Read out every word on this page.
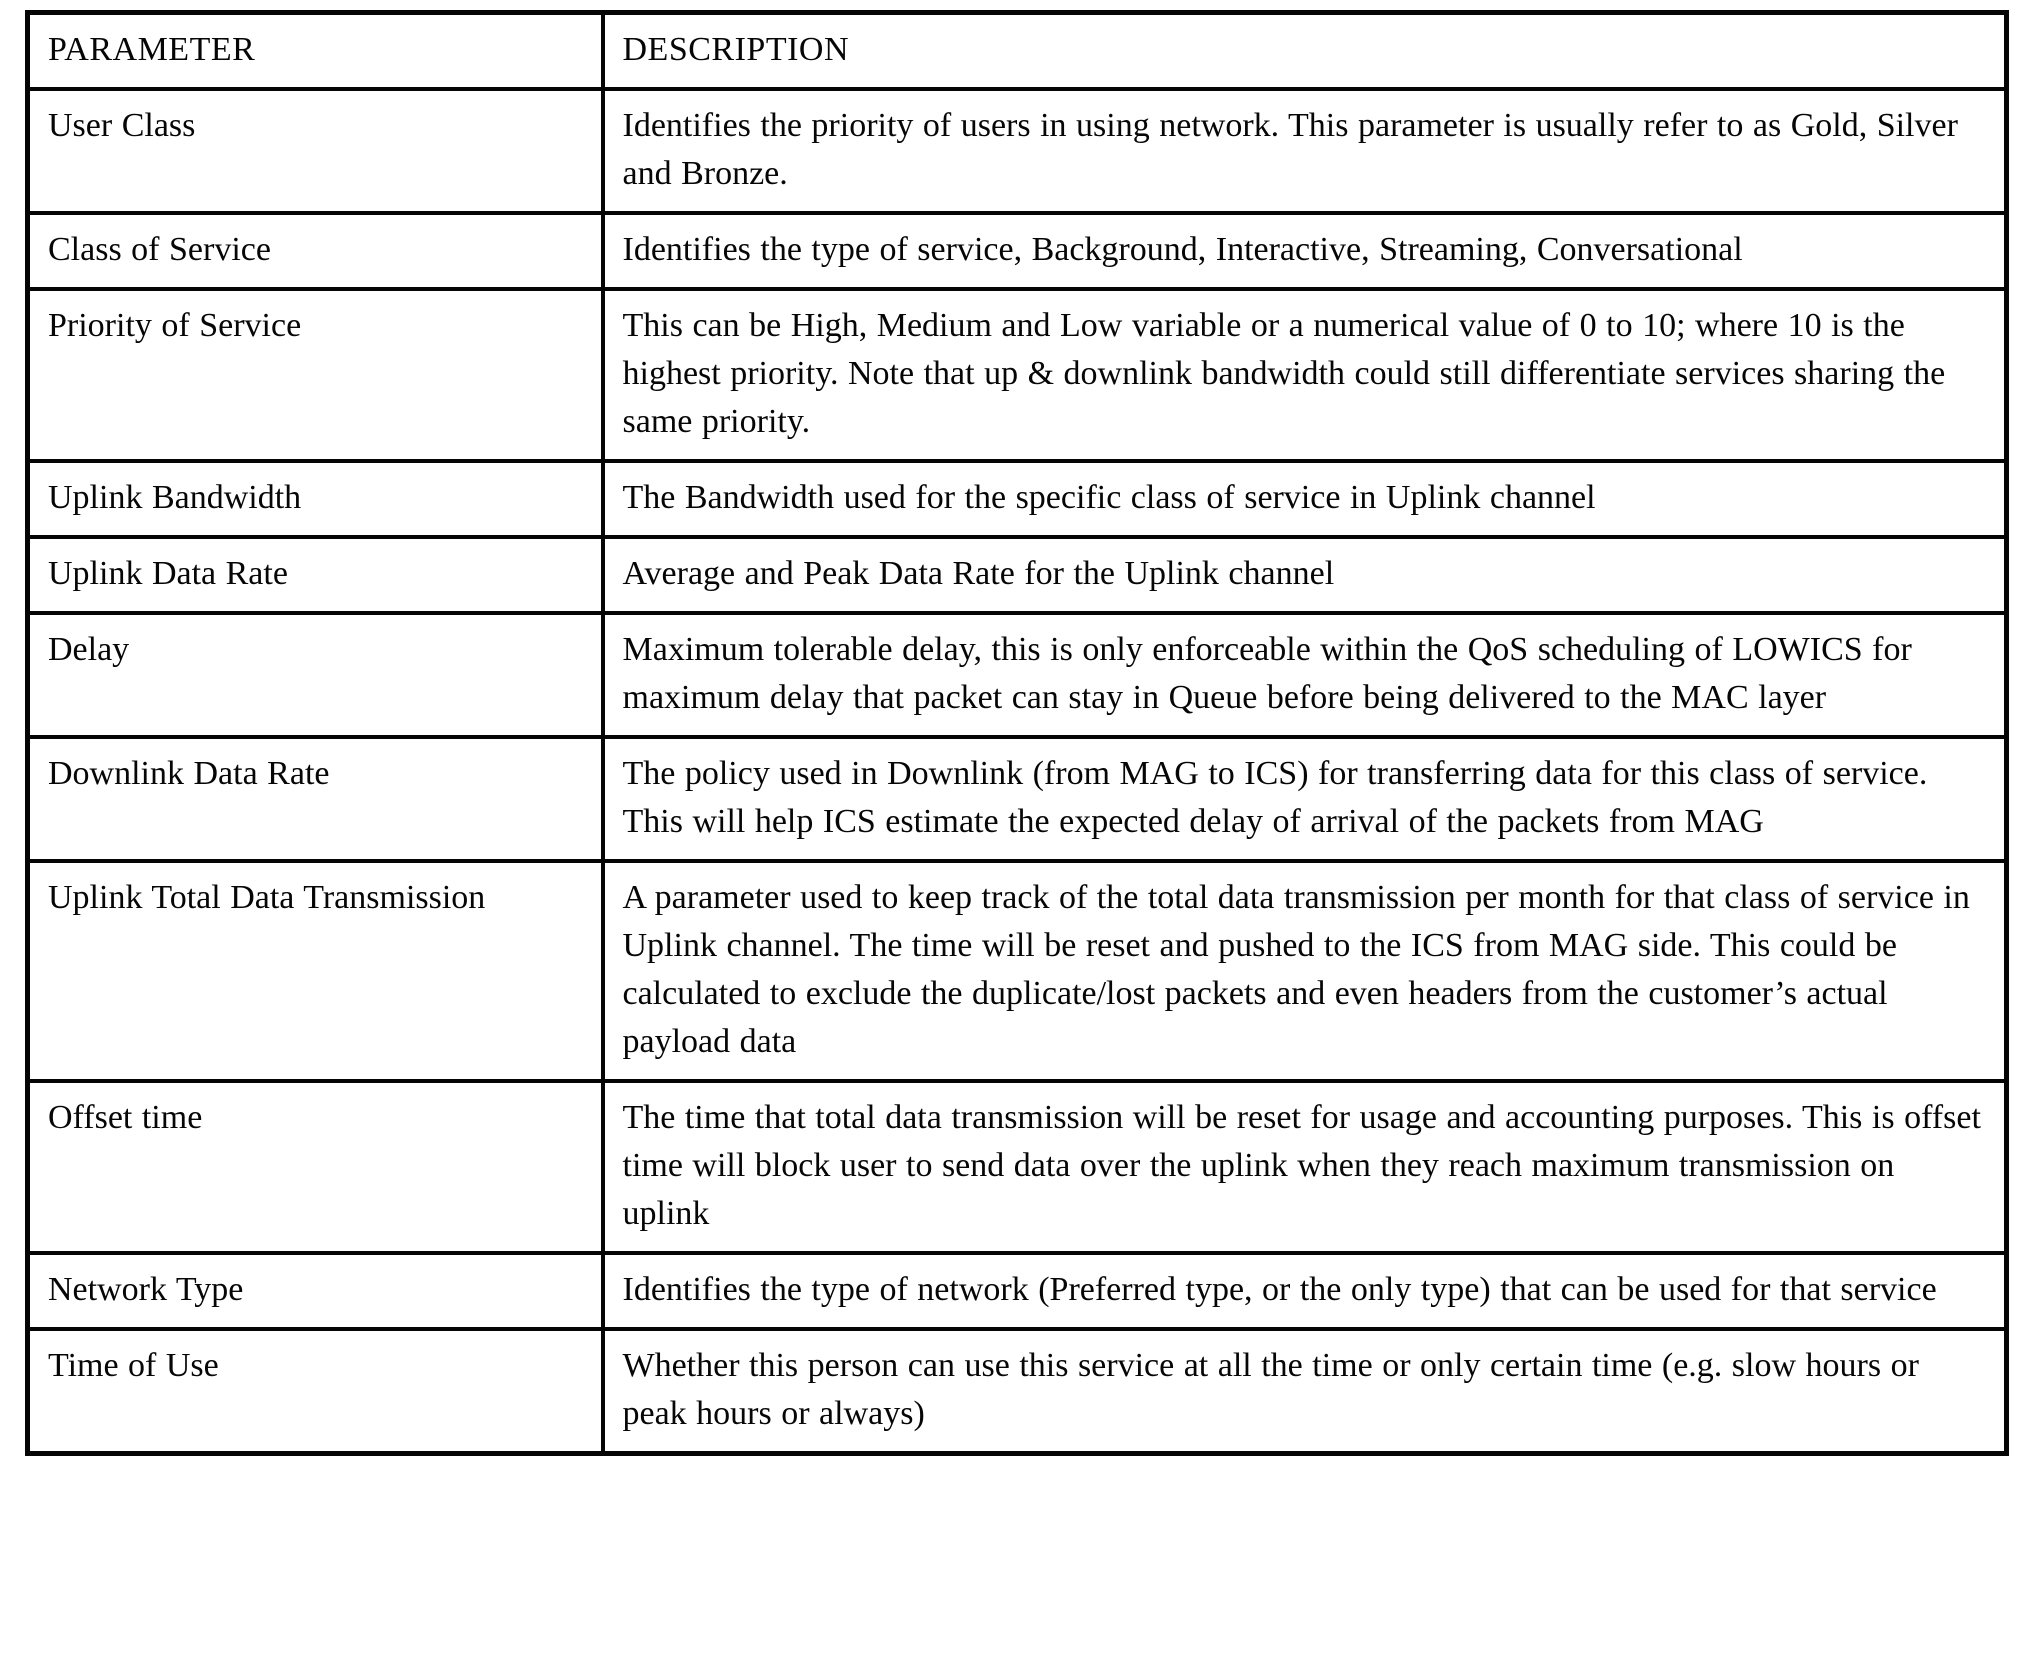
PARAMETER	DESCRIPTION
User Class	Identifies the priority of users in using network. This parameter is usually refer to as Gold, Silver and Bronze.
Class of Service	Identifies the type of service, Background, Interactive, Streaming, Conversational
Priority of Service	This can be High, Medium and Low variable or a numerical value of 0 to 10; where 10 is the highest priority. Note that up & downlink bandwidth could still differentiate services sharing the same priority.
Uplink Bandwidth	The Bandwidth used for the specific class of service in Uplink channel
Uplink Data Rate	Average and Peak Data Rate for the Uplink channel
Delay	Maximum tolerable delay, this is only enforceable within the QoS scheduling of LOWICS for maximum delay that packet can stay in Queue before being delivered to the MAC layer
Downlink Data Rate	The policy used in Downlink (from MAG to ICS) for transferring data for this class of service. This will help ICS estimate the expected delay of arrival of the packets from MAG
Uplink Total Data Transmission	A parameter used to keep track of the total data transmission per month for that class of service in Uplink channel. The time will be reset and pushed to the ICS from MAG side. This could be calculated to exclude the duplicate/lost packets and even headers from the customer’s actual payload data
Offset time	The time that total data transmission will be reset for usage and accounting purposes. This is offset time will block user to send data over the uplink when they reach maximum transmission on uplink
Network Type	Identifies the type of network (Preferred type, or the only type) that can be used for that service
Time of Use	Whether this person can use this service at all the time or only certain time (e.g. slow hours or peak hours or always)
